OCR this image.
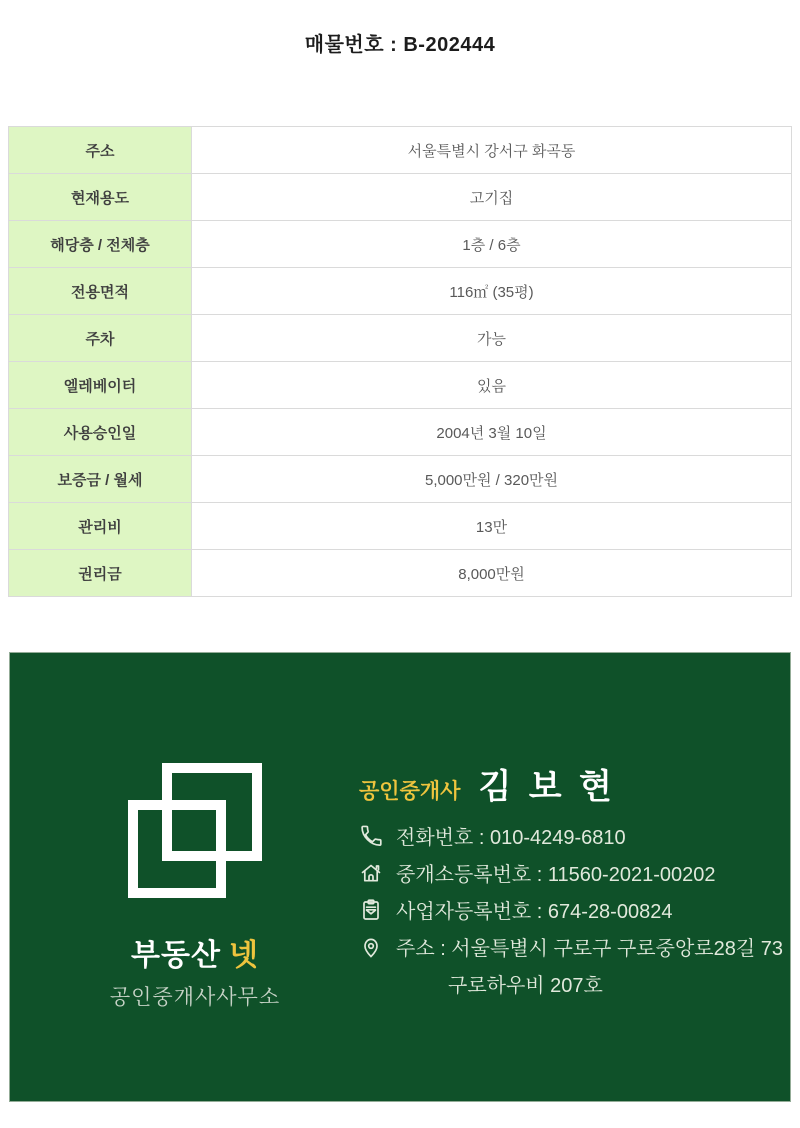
매물번호 : B-202444
주소	서울특별시 강서구 화곡동
현재용도	고기집
해당층 / 전체층	1층 / 6층
전용면적	116㎡ (35평)
주차	가능
엘레베이터	있음
사용승인일	2004년 3월 10일
보증금 / 월세	5,000만원 / 320만원
관리비	13만
권리금	8,000만원
부동산 넷
공인중개사사무소
공인중개사 김 보 현
전화번호 : 010-4249-6810
중개소등록번호 : 11560-2021-00202
사업자등록번호 : 674-28-00824
주소 : 서울특별시 구로구 구로중앙로28길 73
구로하우비 207호
